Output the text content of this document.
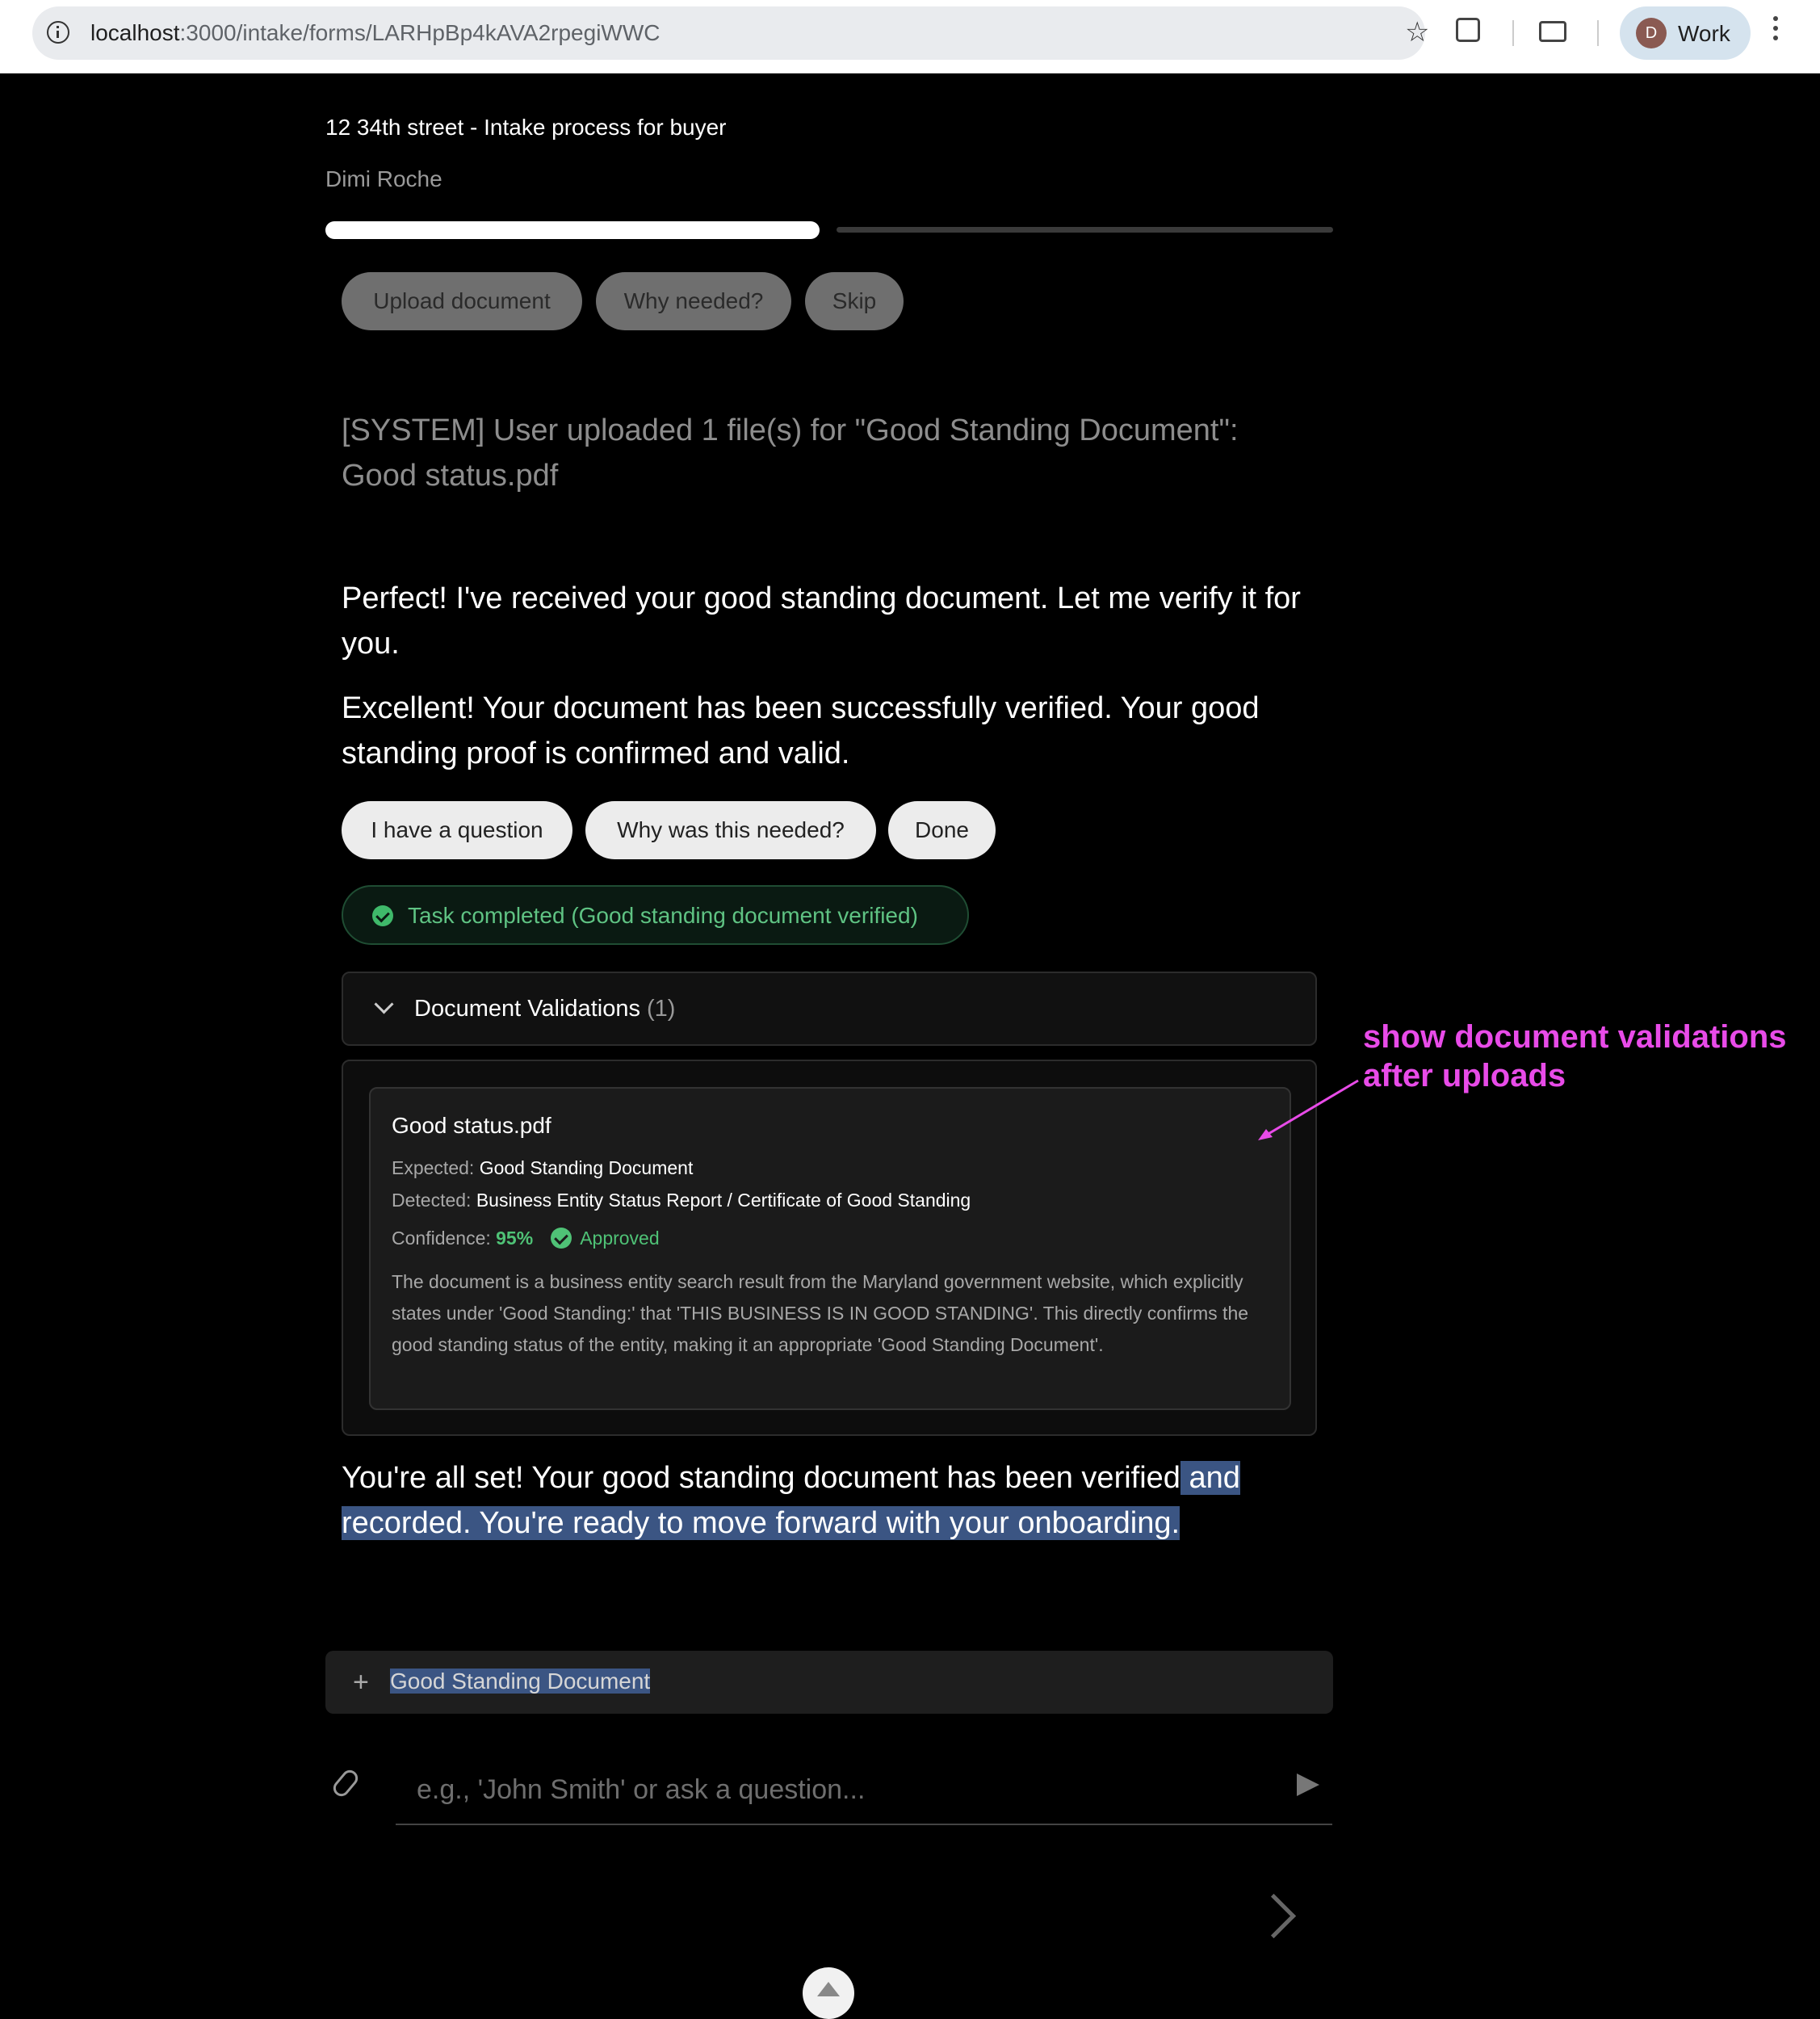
localhost:3000/intake/forms/LARHpBp4kAVA2rpegiWWC	☆	D Work
12 34th street - Intake process for buyer
Dimi Roche
Upload document	Why needed?	Skip
[SYSTEM] User uploaded 1 file(s) for "Good Standing Document": Good status.pdf
Perfect! I've received your good standing document. Let me verify it for you.
Excellent! Your document has been successfully verified. Your good standing proof is confirmed and valid.
I have a question	Why was this needed?	Done
Task completed (Good standing document verified)
Document Validations (1)
Good status.pdf
Expected: Good Standing Document
Detected: Business Entity Status Report / Certificate of Good Standing
Confidence: 95%	Approved
The document is a business entity search result from the Maryland government website, which explicitly states under 'Good Standing:' that 'THIS BUSINESS IS IN GOOD STANDING'. This directly confirms the good standing status of the entity, making it an appropriate 'Good Standing Document'.
You're all set! Your good standing document has been verified and recorded. You're ready to move forward with your onboarding.
+ Good Standing Document
e.g., 'John Smith' or ask a question...
show document validations
after uploads
